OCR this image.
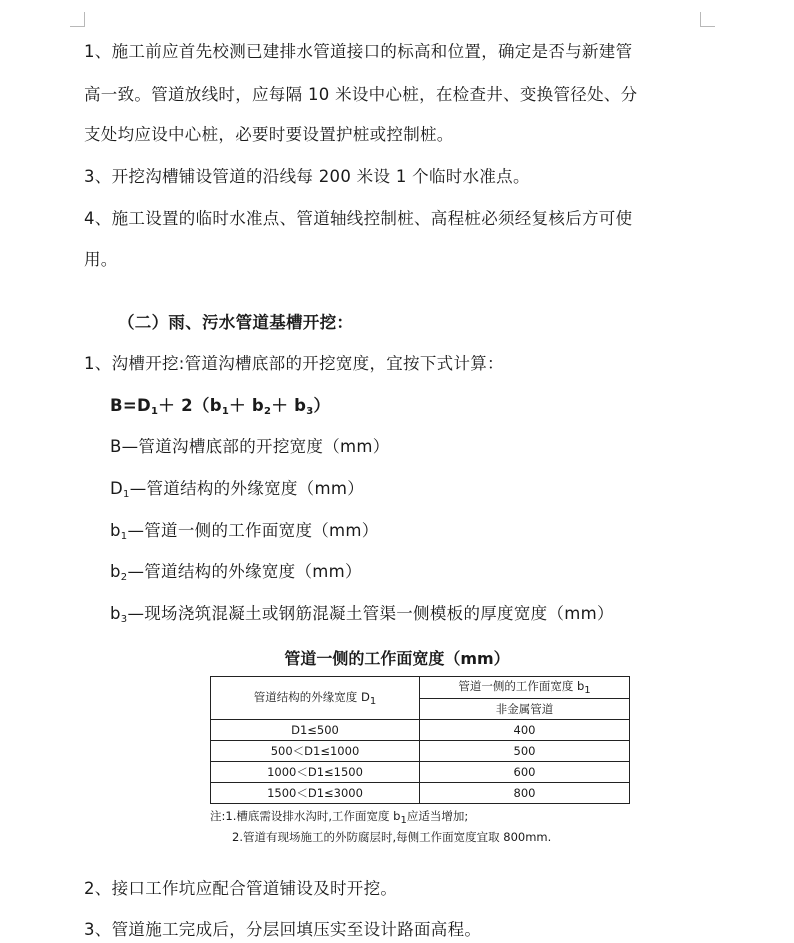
1、施工前应首先校测已建排水管道接口的标高和位置，确定是否与新建管
高一致。管道放线时，应每隔 10 米设中心桩，在检查井、变换管径处、分
支处均应设中心桩，必要时要设置护桩或控制桩。
3、开挖沟槽铺设管道的沿线每 200 米设 1 个临时水准点。
4、施工设置的临时水准点、管道轴线控制桩、高程桩必须经复核后方可使
用。
（二）雨、污水管道基槽开挖：
1、沟槽开挖:管道沟槽底部的开挖宽度，宜按下式计算：
$B=D_1+ 2(b_1+ b_2+ b_3)$
B—管道沟槽底部的开挖宽度（mm）
$D_1—$管道结构的外缘宽度（mm）
$b_1—$管道一侧的工作面宽度（mm）
$b_2—$管道结构的外缘宽度（mm）
$b_3—$现场浇筑混凝土或钢筋混凝土管渠一侧模板的厚度宽度（mm）
管道一侧的工作面宽度（mm）
管道结构的外缘宽度 $D_1$	管道一侧的工作面宽度 $b_1$
	非金属管道
D1≤500	400
500＜D1≤1000	500
1000＜D1≤1500	600
1500＜D1≤3000	800
注:1.槽底需设排水沟时,工作面宽度 $b_1$应适当增加;
2.管道有现场施工的外防腐层时,每侧工作面宽度宜取 800mm.
2、接口工作坑应配合管道铺设及时开挖。
3、管道施工完成后，分层回填压实至设计路面高程。
